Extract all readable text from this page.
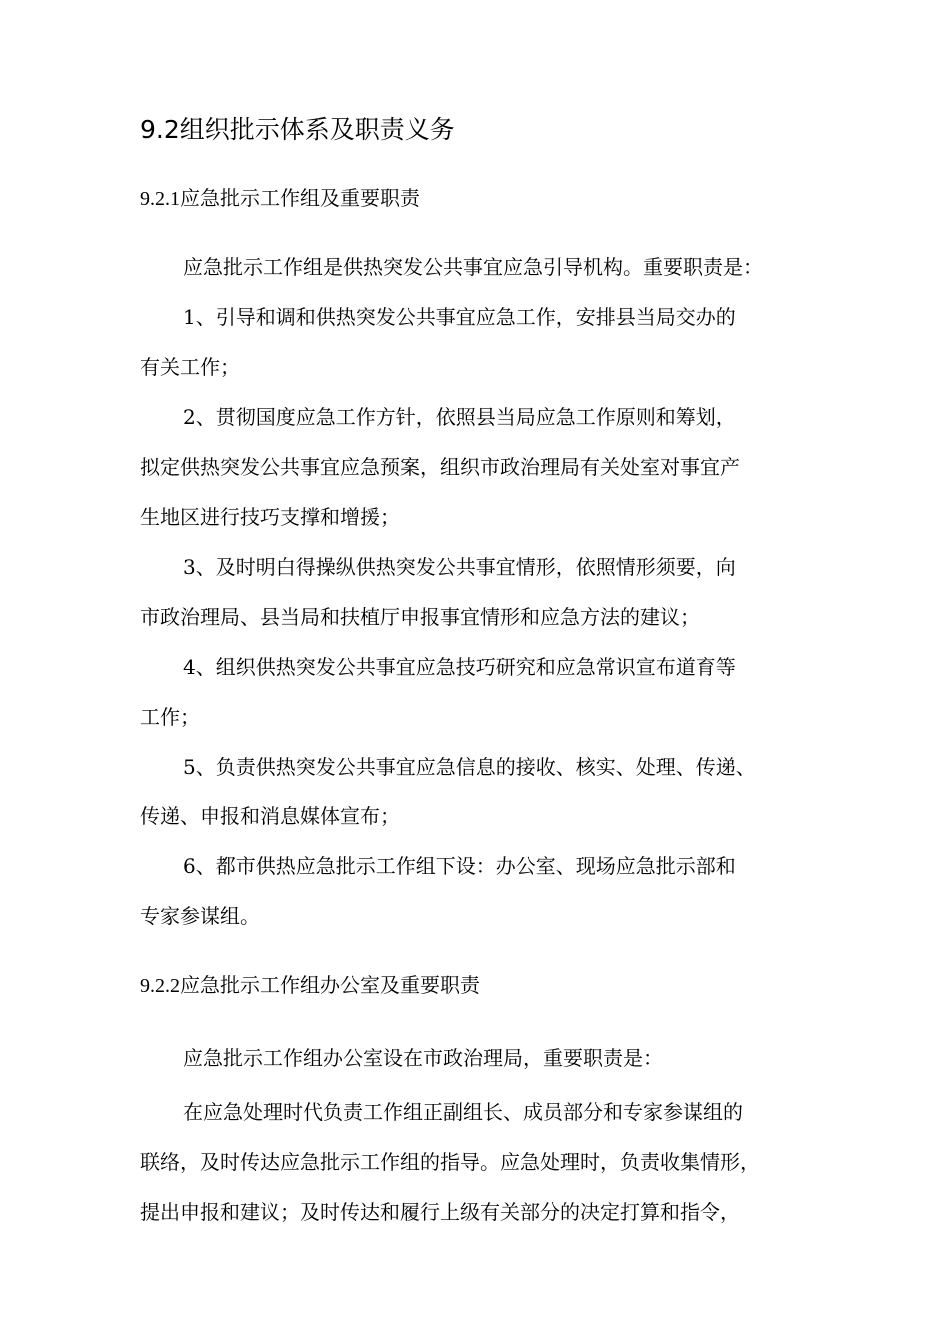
9.2组织批示体系及职责义务
9.2.1应急批示工作组及重要职责
应急批示工作组是供热突发公共事宜应急引导机构。重要职责是：
1、引导和调和供热突发公共事宜应急工作，安排县当局交办的
有关工作；
2、贯彻国度应急工作方针，依照县当局应急工作原则和筹划，
拟定供热突发公共事宜应急预案，组织市政治理局有关处室对事宜产
生地区进行技巧支撑和增援；
3、及时明白得操纵供热突发公共事宜情形，依照情形须要，向
市政治理局、县当局和扶植厅申报事宜情形和应急方法的建议；
4、组织供热突发公共事宜应急技巧研究和应急常识宣布道育等
工作；
5、负责供热突发公共事宜应急信息的接收、核实、处理、传递、
传递、申报和消息媒体宣布；
6、都市供热应急批示工作组下设：办公室、现场应急批示部和
专家参谋组。
9.2.2应急批示工作组办公室及重要职责
应急批示工作组办公室设在市政治理局，重要职责是：
在应急处理时代负责工作组正副组长、成员部分和专家参谋组的
联络，及时传达应急批示工作组的指导。应急处理时，负责收集情形，
提出申报和建议；及时传达和履行上级有关部分的决定打算和指令，
